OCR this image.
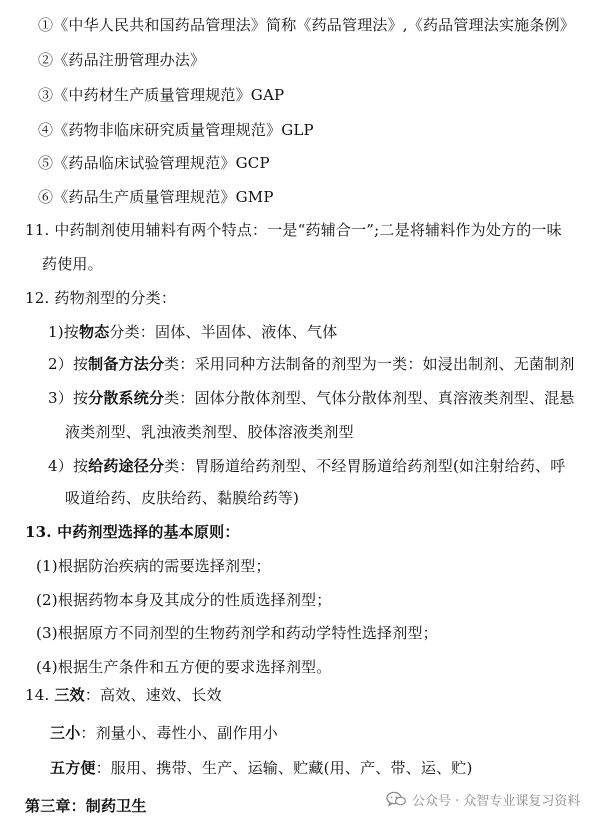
①《中华人民共和国药品管理法》简称《药品管理法》,《药品管理法实施条例》
②《药品注册管理办法》
③《中药材生产质量管理规范》GAP
④《药物非临床研究质量管理规范》GLP
⑤《药品临床试验管理规范》GCP
⑥《药品生产质量管理规范》GMP
11. 中药制剂使用辅料有两个特点：一是“药辅合一”;二是将辅料作为处方的一味
药使用。
12. 药物剂型的分类：
1)按物态分类：固体、半固体、液体、气体
2）按制备方法分类：采用同种方法制备的剂型为一类：如浸出制剂、无菌制剂
3）按分散系统分类：固体分散体剂型、气体分散体剂型、真溶液类剂型、混悬
液类剂型、乳浊液类剂型、胶体溶液类剂型
4）按给药途径分类：胃肠道给药剂型、不经胃肠道给药剂型(如注射给药、呼
吸道给药、皮肤给药、黏膜给药等)
13. 中药剂型选择的基本原则：
(1)根据防治疾病的需要选择剂型；
(2)根据药物本身及其成分的性质选择剂型；
(3)根据原方不同剂型的生物药剂学和药动学特性选择剂型；
(4)根据生产条件和五方便的要求选择剂型。
14. 三效：高效、速效、长效
三小：剂量小、毒性小、副作用小
五方便：服用、携带、生产、运输、贮藏(用、产、带、运、贮)
第三章：制药卫生	公众号 · 众智专业课复习资料
